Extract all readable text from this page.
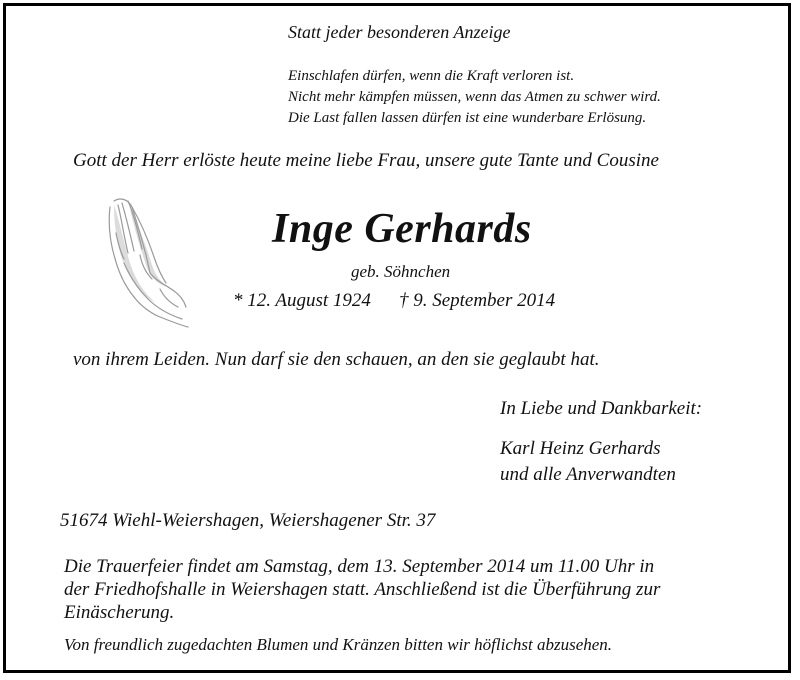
Statt jeder besonderen Anzeige
Einschlafen dürfen, wenn die Kraft verloren ist.
Nicht mehr kämpfen müssen, wenn das Atmen zu schwer wird.
Die Last fallen lassen dürfen ist eine wunderbare Erlösung.
Gott der Herr erlöste heute meine liebe Frau, unsere gute Tante und Cousine
Inge Gerhards
geb. Söhnchen
* 12. August 1924 † 9. September 2014
von ihrem Leiden. Nun darf sie den schauen, an den sie geglaubt hat.
In Liebe und Dankbarkeit:
Karl Heinz Gerhards
und alle Anverwandten
51674 Wiehl-Weiershagen, Weiershagener Str. 37
Die Trauerfeier findet am Samstag, dem 13. September 2014 um 11.00 Uhr in
der Friedhofshalle in Weiershagen statt. Anschließend ist die Überführung zur
Einäscherung.
Von freundlich zugedachten Blumen und Kränzen bitten wir höflichst abzusehen.
